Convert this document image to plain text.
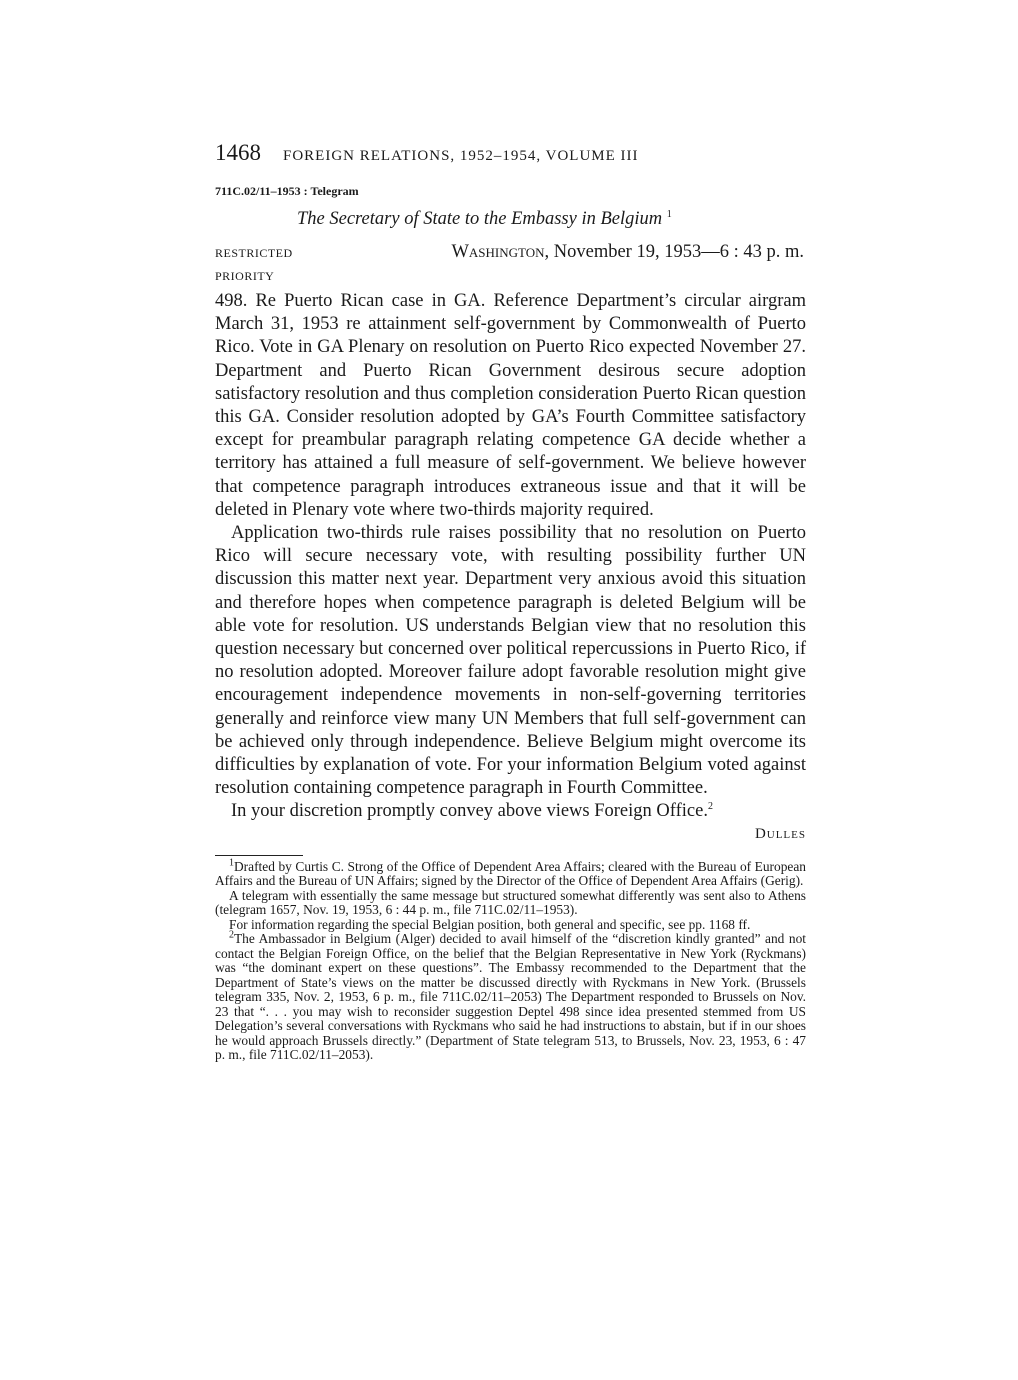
1468 FOREIGN RELATIONS, 1952–1954, VOLUME III
711C.02/11–1953 : Telegram
The Secretary of State to the Embassy in Belgium $^1$
RESTRICTED	Washington, November 19, 1953—6 : 43 p. m.
PRIORITY

498. Re Puerto Rican case in GA. Reference Department’s circular airgram March 31, 1953 re attainment self-government by Commonwealth of Puerto Rico. Vote in GA Plenary on resolution on Puerto Rico expected November 27. Department and Puerto Rican Government desirous secure adoption satisfactory resolution and thus completion consideration Puerto Rican question this GA. Consider resolution adopted by GA’s Fourth Committee satisfactory except for preambular paragraph relating competence GA decide whether a territory has attained a full measure of self-government. We believe however that competence paragraph introduces extraneous issue and that it will be deleted in Plenary vote where two-thirds majority required.

Application two-thirds rule raises possibility that no resolution on Puerto Rico will secure necessary vote, with resulting possibility further UN discussion this matter next year. Department very anxious avoid this situation and therefore hopes when competence paragraph is deleted Belgium will be able vote for resolution. US understands Belgian view that no resolution this question necessary but concerned over political repercussions in Puerto Rico, if no resolution adopted. Moreover failure adopt favorable resolution might give encouragement independence movements in non-self-governing territories generally and reinforce view many UN Members that full self-government can be achieved only through independence. Believe Belgium might overcome its difficulties by explanation of vote. For your information Belgium voted against resolution containing competence paragraph in Fourth Committee.

In your discretion promptly convey above views Foreign Office.$^2$

Dulles

$^1$Drafted by Curtis C. Strong of the Office of Dependent Area Affairs; cleared with the Bureau of European Affairs and the Bureau of UN Affairs; signed by the Director of the Office of Dependent Area Affairs (Gerig).

A telegram with essentially the same message but structured somewhat differently was sent also to Athens (telegram 1657, Nov. 19, 1953, 6 : 44 p. m., file 711C.02/11–1953).

For information regarding the special Belgian position, both general and specific, see pp. 1168 ff.

$^2$The Ambassador in Belgium (Alger) decided to avail himself of the “discretion kindly granted” and not contact the Belgian Foreign Office, on the belief that the Belgian Representative in New York (Ryckmans) was “the dominant expert on these questions”. The Embassy recommended to the Department that the Department of State’s views on the matter be discussed directly with Ryckmans in New York. (Brussels telegram 335, Nov. 2, 1953, 6 p. m., file 711C.02/11–2053) The Department responded to Brussels on Nov. 23 that “. . . you may wish to reconsider suggestion Deptel 498 since idea presented stemmed from US Delegation’s several conversations with Ryckmans who said he had instructions to abstain, but if in our shoes he would approach Brussels directly.” (Department of State telegram 513, to Brussels, Nov. 23, 1953, 6 : 47 p. m., file 711C.02/11–2053).
